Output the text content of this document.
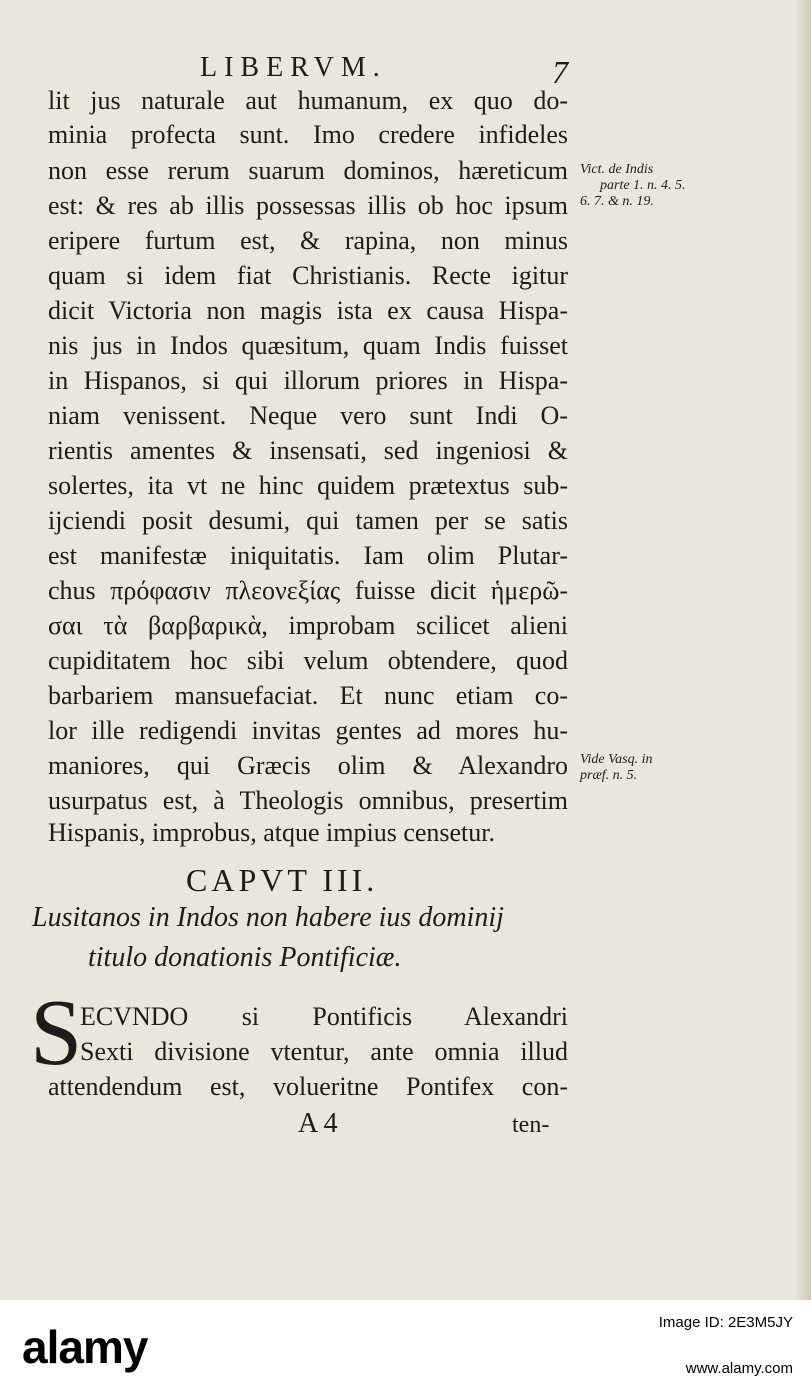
LIBERVM.	7
lit jus naturale aut humanum, ex quo do-
minia profecta sunt. Imo credere infideles
non esse rerum suarum dominos, hæreticum
est: & res ab illis possessas illis ob hoc ipsum
eripere furtum est, & rapina, non minus
quam si idem fiat Christianis. Recte igitur
dicit Victoria non magis ista ex causa Hispa-
nis jus in Indos quæsitum, quam Indis fuisset
in Hispanos, si qui illorum priores in Hispa-
niam venissent. Neque vero sunt Indi O-
rientis amentes & insensati, sed ingeniosi &
solertes, ita vt ne hinc quidem prætextus sub-
ijciendi posit desumi, qui tamen per se satis
est manifestæ iniquitatis. Iam olim Plutar-
chus πρόφασιν πλεονεξίας fuisse dicit ἡμερῶ-
σαι τὰ βαρβαρικὰ, improbam scilicet alieni
cupiditatem hoc sibi velum obtendere, quod
barbariem mansuefaciat. Et nunc etiam co-
lor ille redigendi invitas gentes ad mores hu-
maniores, qui Græcis olim & Alexandro
usurpatus est, à Theologis omnibus, presertim
Hispanis, improbus, atque impius censetur.
Vict. de Indis
parte 1. n. 4. 5.
6. 7. & n. 19.
Vide Vasq. in
præf. n. 5.
CAPVT III.
Lusitanos in Indos non habere ius dominij
titulo donationis Pontificiæ.
S
ECVNDO si Pontificis Alexandri
Sexti divisione vtentur, ante omnia illud
attendendum est, volueritne Pontifex con-
A 4	ten-
alamy	Image ID: 2E3M5JY
www.alamy.com
